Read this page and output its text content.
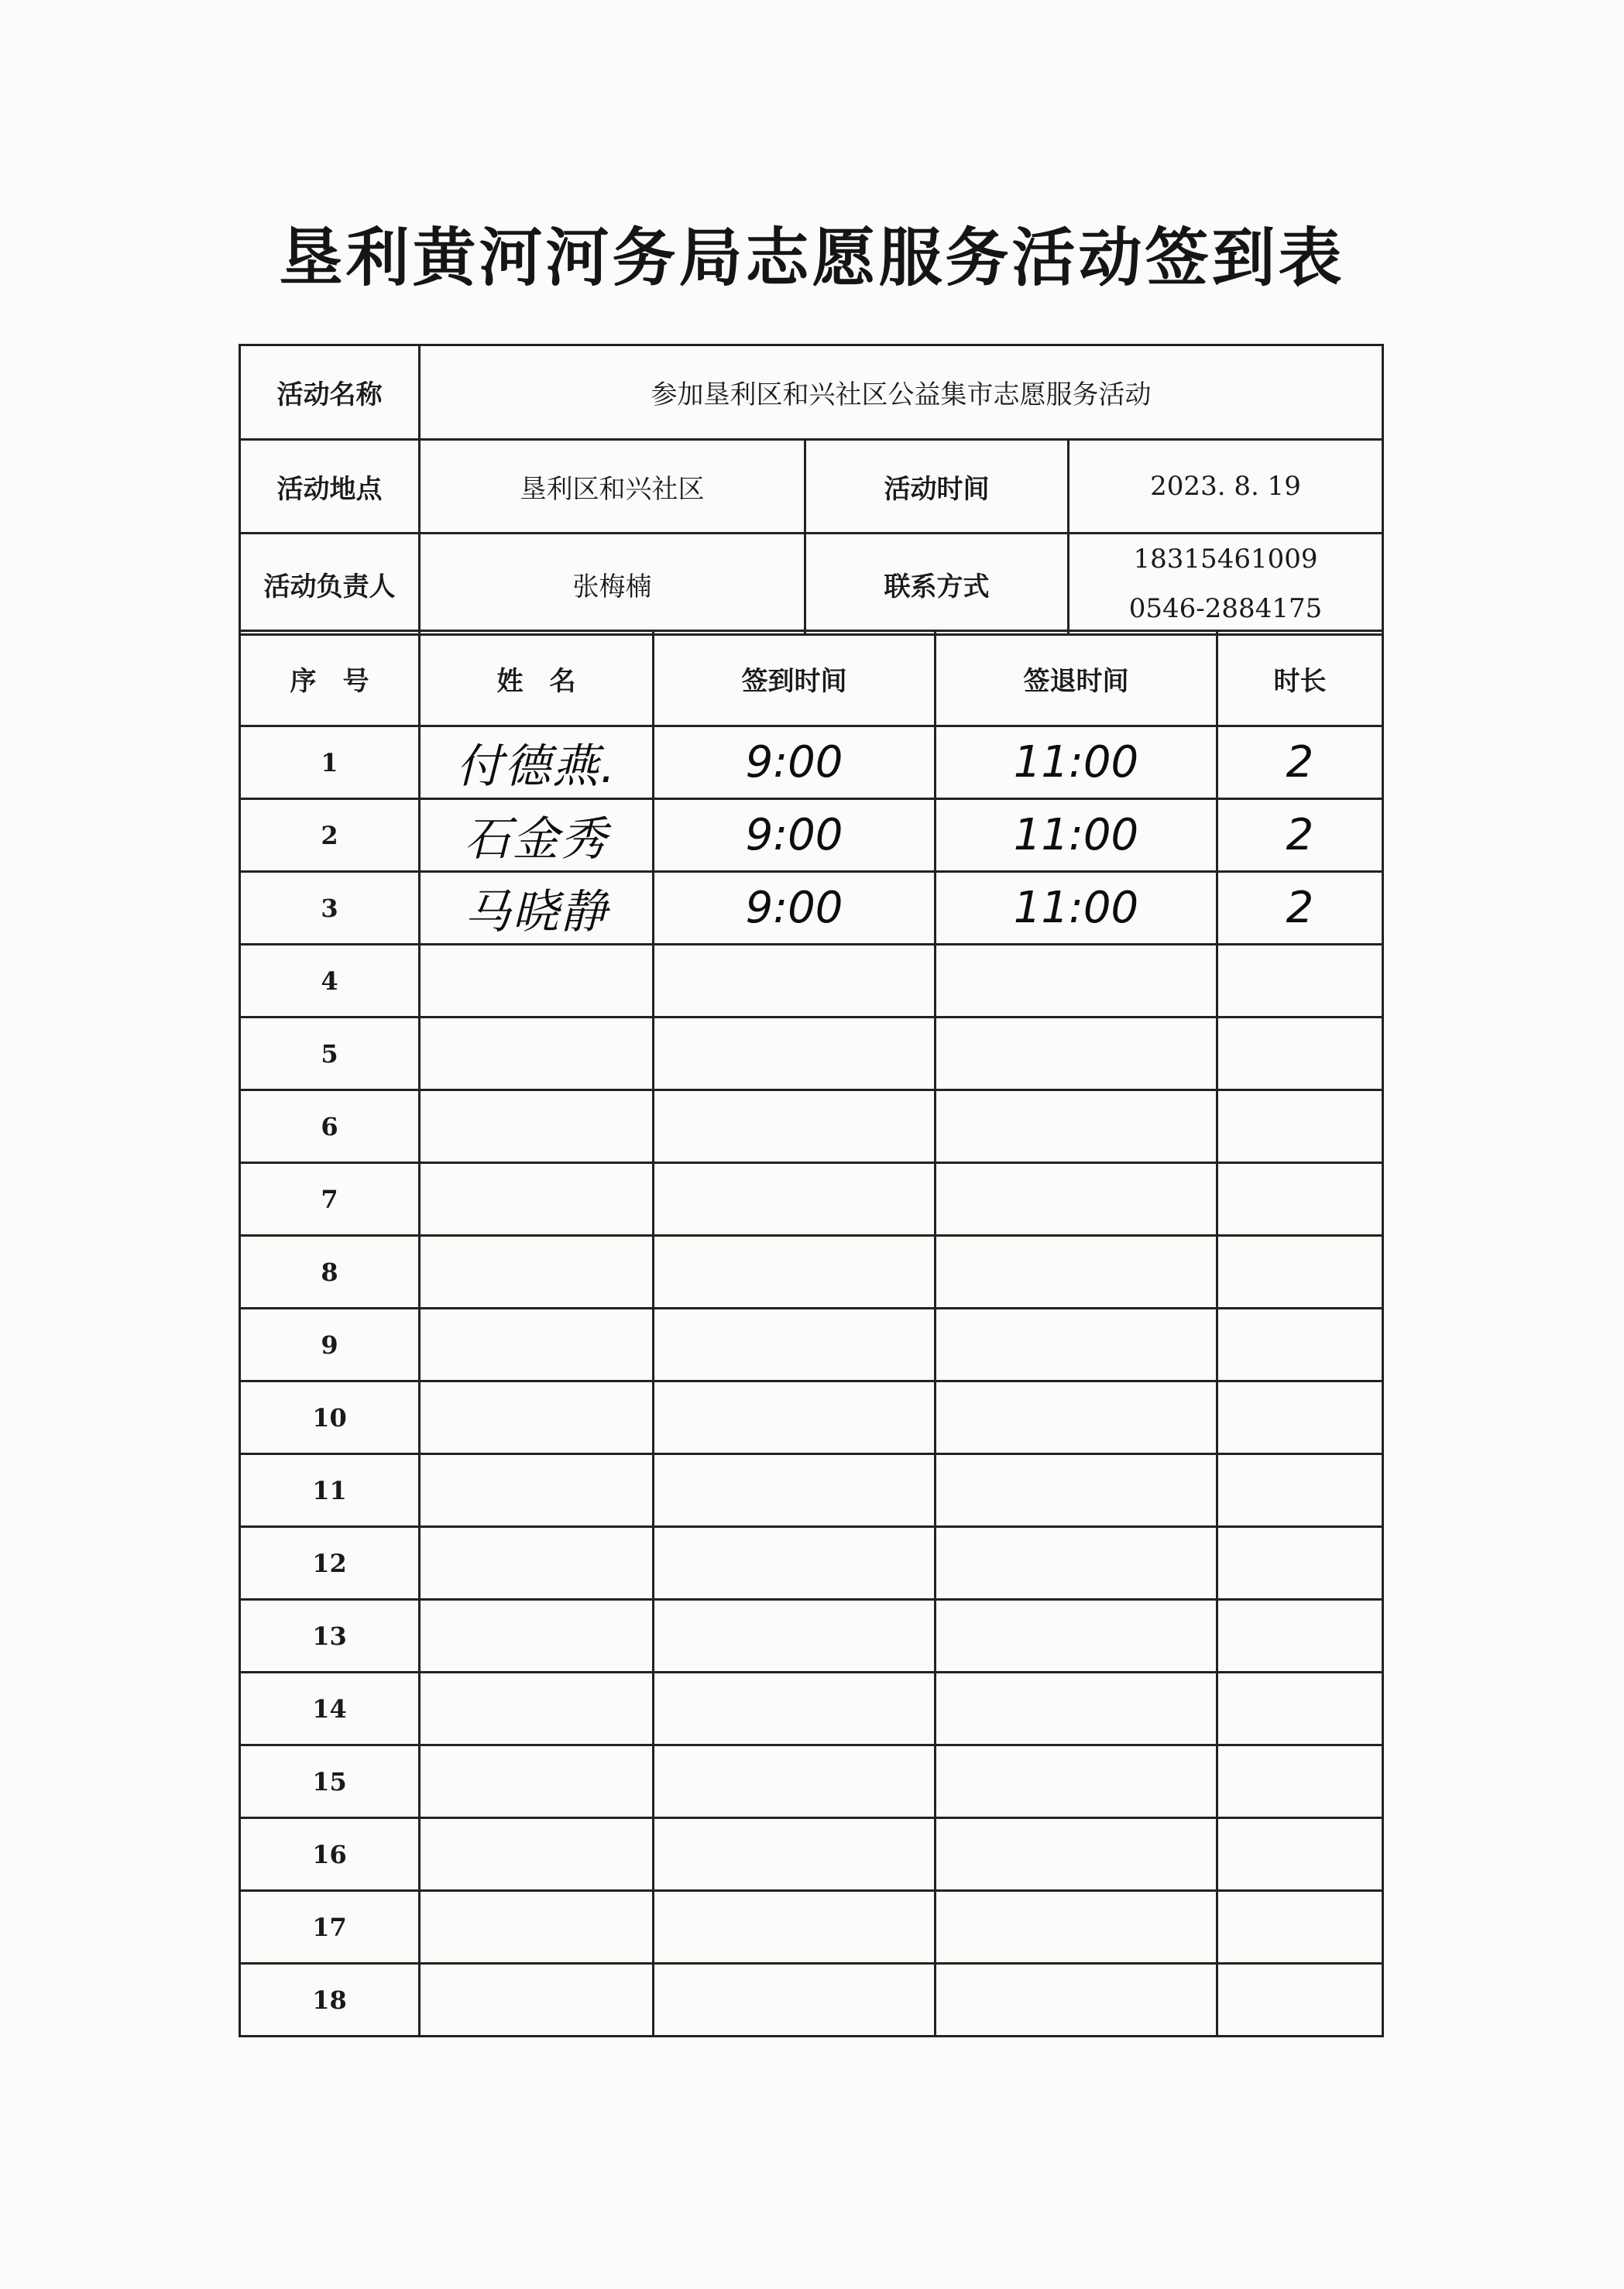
垦利黄河河务局志愿服务活动签到表
活动名称	参加垦利区和兴社区公益集市志愿服务活动		
活动地点	垦利区和兴社区	活动时间	2023. 8. 19
活动负责人	张梅楠	联系方式	18315461009
0546-2884175
序　号	姓　名	签到时间	签退时间	时长
1	付德燕.	9:00	11:00	2
2	石金秀	9:00	11:00	2
3	马晓静	9:00	11:00	2
4				
5				
6				
7				
8				
9				
10				
11				
12				
13				
14				
15				
16				
17				
18				
